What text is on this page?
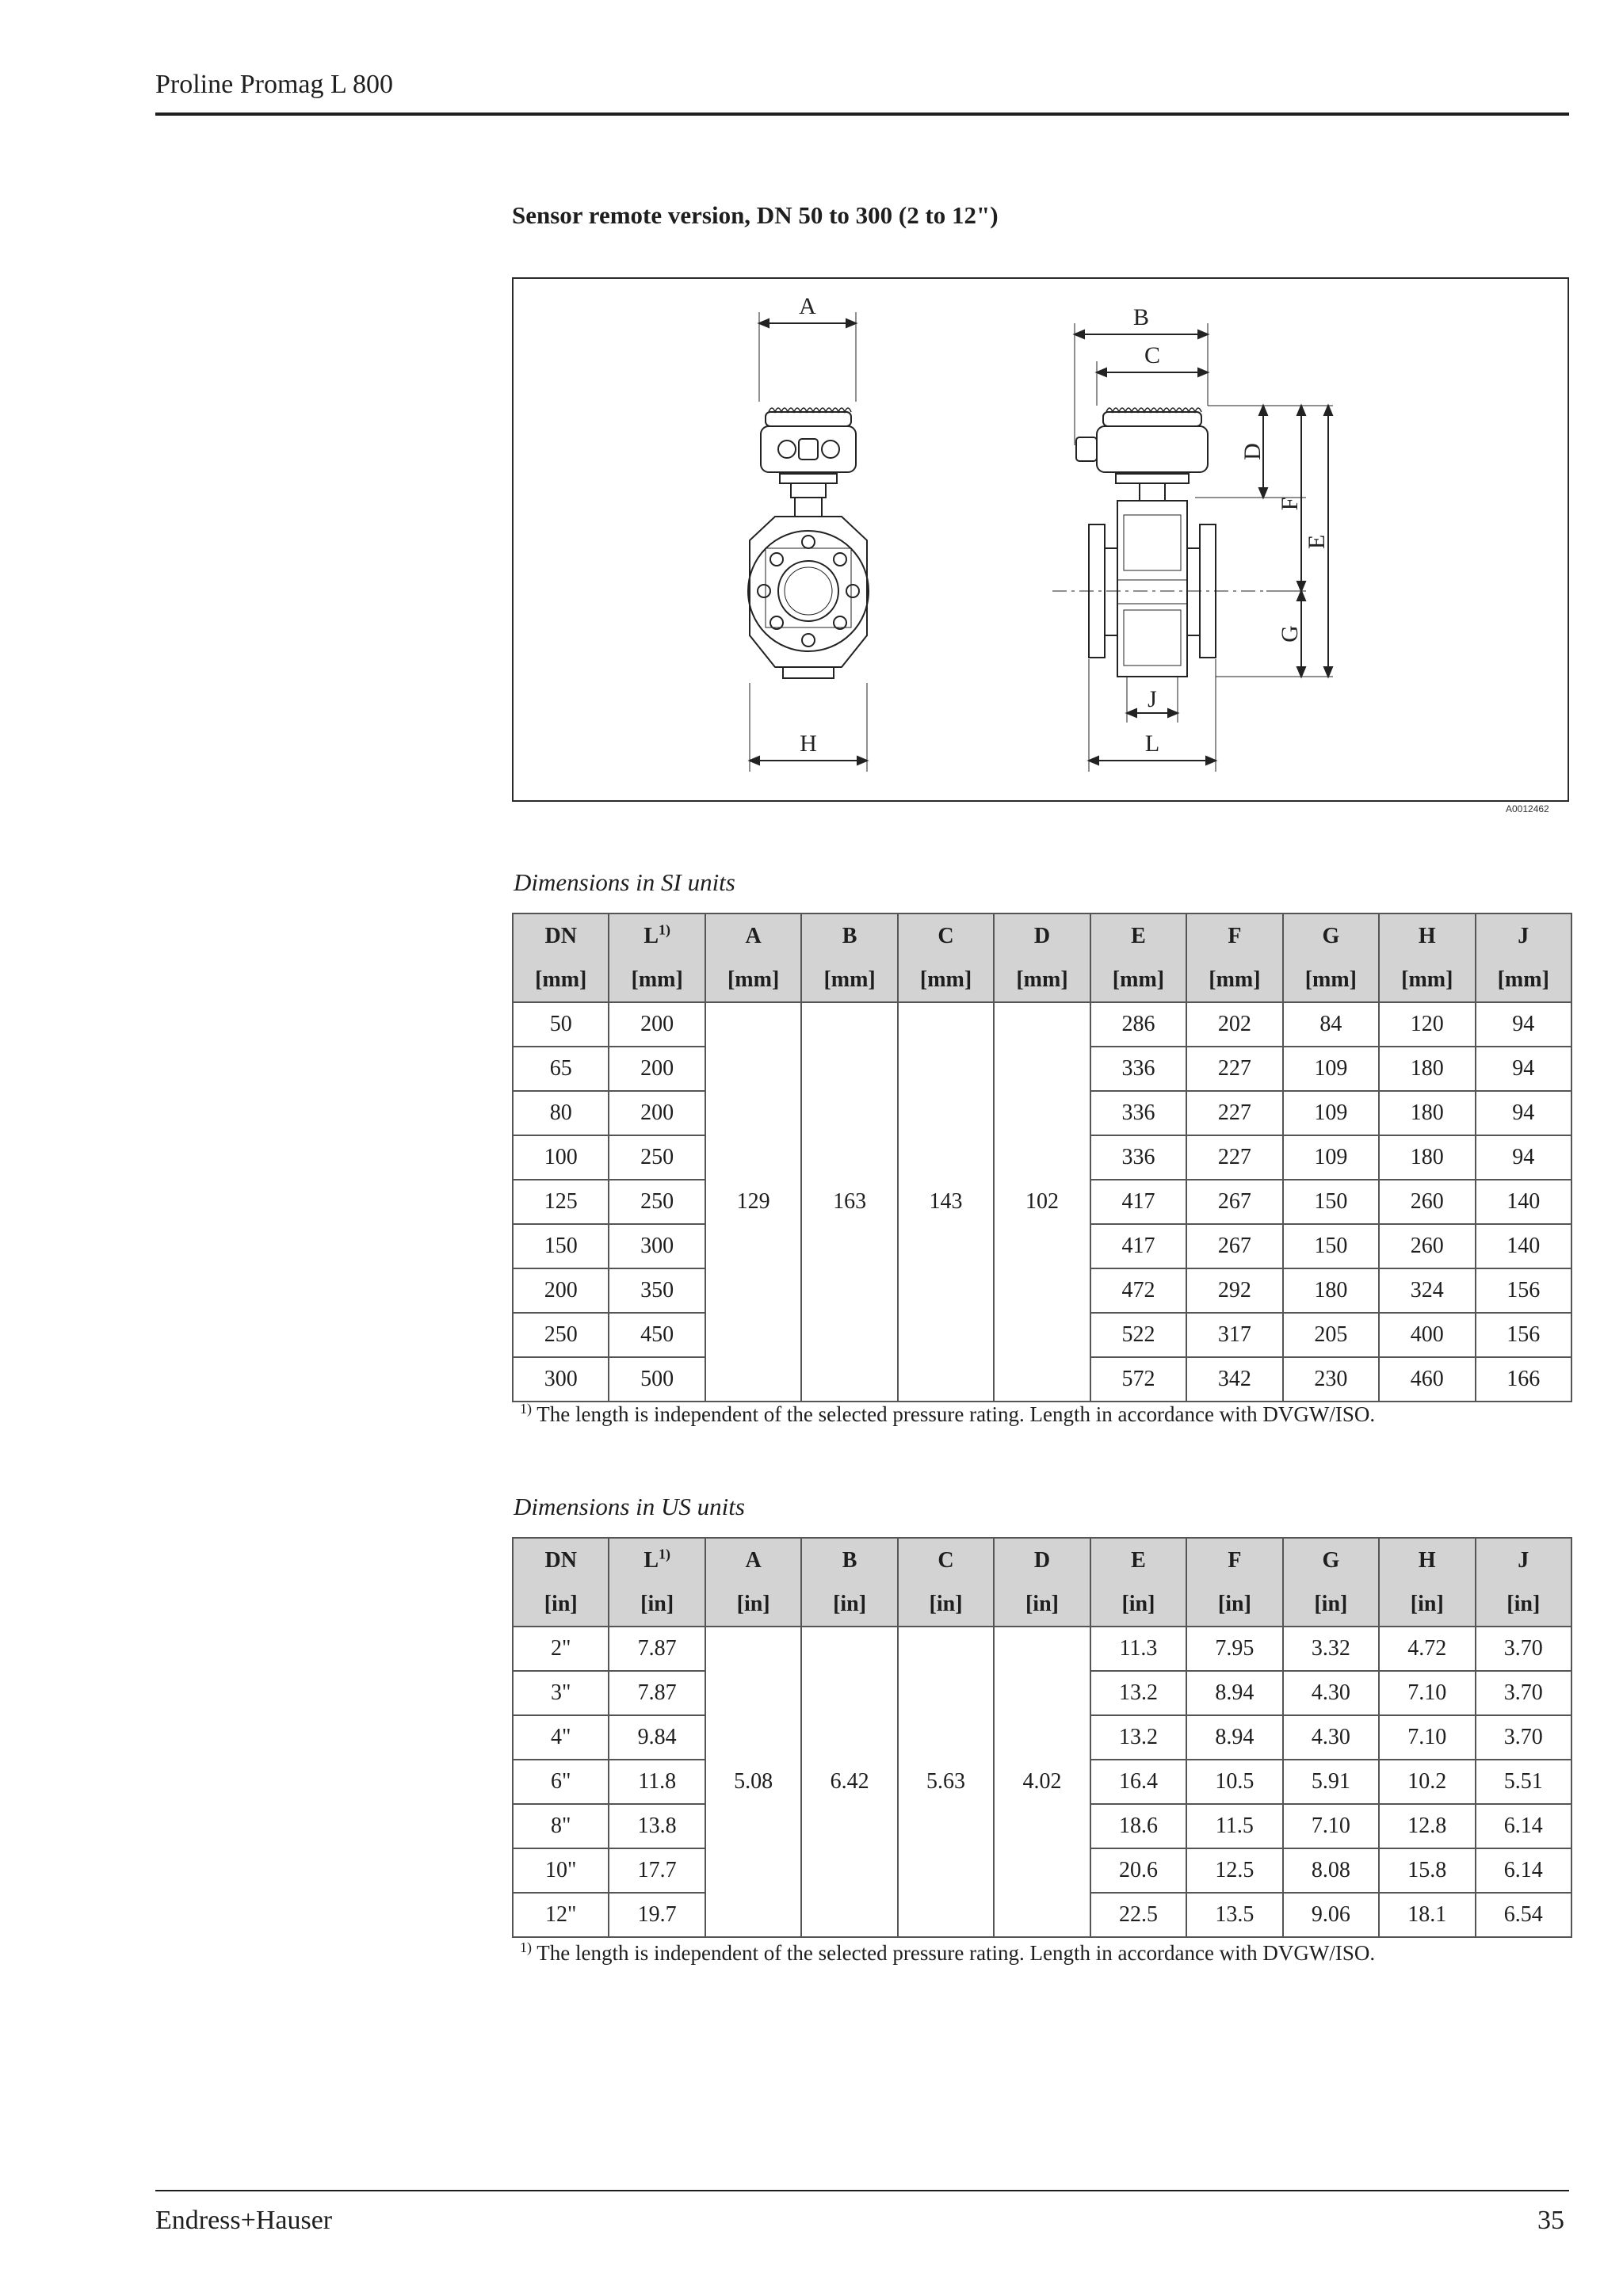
Proline Promag L 800
Sensor remote version, DN 50 to 300 (2 to 12")
A
H
B
C
D
F
G
E
J
L
A0012462
Dimensions in SI units
DN	$L^{1)}$	A	B	C	D	E	F	G	H	J
[mm]	[mm]	[mm]	[mm]	[mm]	[mm]	[mm]	[mm]	[mm]	[mm]	[mm]
50	200	129	163	143	102	286	202	84	120	94
65	200					336	227	109	180	94
80	200					336	227	109	180	94
100	250					336	227	109	180	94
125	250					417	267	150	260	140
150	300					417	267	150	260	140
200	350					472	292	180	324	156
250	450					522	317	205	400	156
300	500					572	342	230	460	166
$^{1)}$ The length is independent of the selected pressure rating. Length in accordance with DVGW/ISO.
Dimensions in US units
DN	$L^{1)}$	A	B	C	D	E	F	G	H	J
[in]	[in]	[in]	[in]	[in]	[in]	[in]	[in]	[in]	[in]	[in]
2"	7.87	5.08	6.42	5.63	4.02	11.3	7.95	3.32	4.72	3.70
3"	7.87					13.2	8.94	4.30	7.10	3.70
4"	9.84					13.2	8.94	4.30	7.10	3.70
6"	11.8					16.4	10.5	5.91	10.2	5.51
8"	13.8					18.6	11.5	7.10	12.8	6.14
10"	17.7					20.6	12.5	8.08	15.8	6.14
12"	19.7					22.5	13.5	9.06	18.1	6.54
$^{1)}$ The length is independent of the selected pressure rating. Length in accordance with DVGW/ISO.
Endress+Hauser	35
